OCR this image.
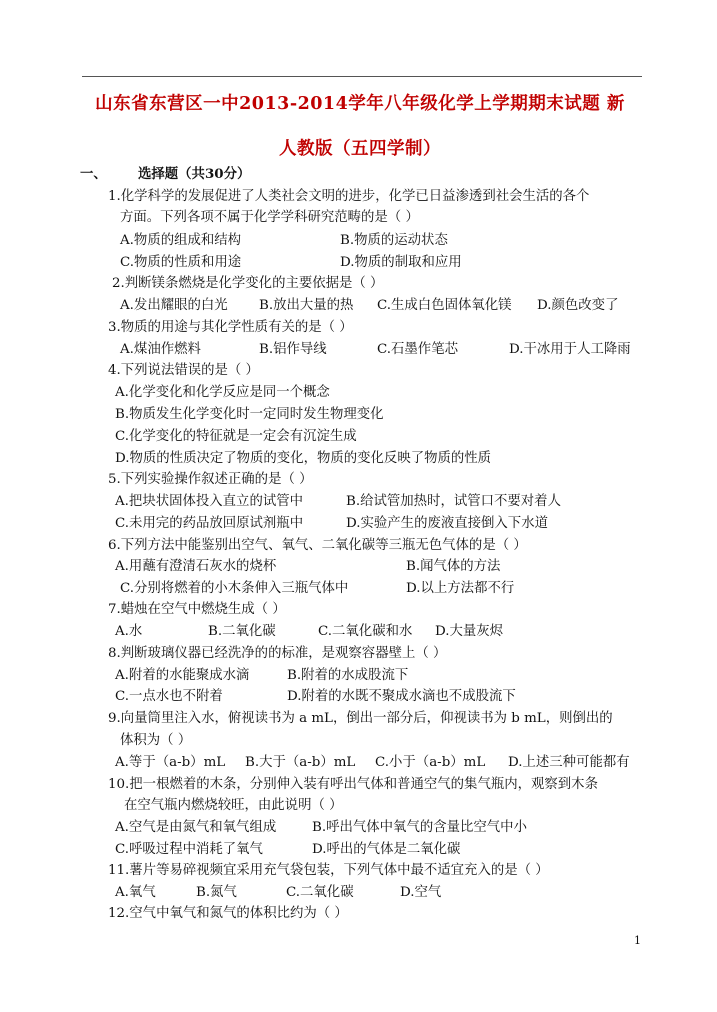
山东省东营区一中2013-2014学年八年级化学上学期期末试题 新
人教版（五四学制）
一、 选择题（共30分）
1.化学科学的发展促进了人类社会文明的进步，化学已日益渗透到社会生活的各个
方面。下列各项不属于化学学科研究范畴的是（ ）
A.物质的组成和结构	B.物质的运动状态
C.物质的性质和用途	D.物质的制取和应用
2.判断镁条燃烧是化学变化的主要依据是（ ）
A.发出耀眼的白光 B.放出大量的热 C.生成白色固体氧化镁 D.颜色改变了
3.物质的用途与其化学性质有关的是（ ）
A.煤油作燃料	B.铝作导线	C.石墨作笔芯	D.干冰用于人工降雨
4.下列说法错误的是（ ）
A.化学变化和化学反应是同一个概念
B.物质发生化学变化时一定同时发生物理变化
C.化学变化的特征就是一定会有沉淀生成
D.物质的性质决定了物质的变化，物质的变化反映了物质的性质
5.下列实验操作叙述正确的是（ ）
A.把块状固体投入直立的试管中	B.给试管加热时，试管口不要对着人
C.未用完的药品放回原试剂瓶中	D.实验产生的废液直接倒入下水道
6.下列方法中能鉴别出空气、氧气、二氧化碳等三瓶无色气体的是（ ）
A.用蘸有澄清石灰水的烧杯	B.闻气体的方法
C.分别将燃着的小木条伸入三瓶气体中	D.以上方法都不行
7.蜡烛在空气中燃烧生成（ ）
A.水	B.二氧化碳	C.二氧化碳和水 D.大量灰烬
8.判断玻璃仪器已经洗净的的标准，是观察容器壁上（ ）
A.附着的水能聚成水滴	B.附着的水成股流下
C.一点水也不附着	D.附着的水既不聚成水滴也不成股流下
9.向量筒里注入水，俯视读书为 a mL，倒出一部分后，仰视读书为 b mL，则倒出的
体积为（ ）
A.等于（a-b）mL B.大于（a-b）mL C.小于（a-b）mL D.上述三种可能都有
10.把一根燃着的木条，分别伸入装有呼出气体和普通空气的集气瓶内，观察到木条
在空气瓶内燃烧较旺，由此说明（ ）
A.空气是由氮气和氧气组成	B.呼出气体中氧气的含量比空气中小
C.呼吸过程中消耗了氧气	D.呼出的气体是二氧化碳
11.薯片等易碎视频宜采用充气袋包装，下列气体中最不适宜充入的是（ ）
A.氧气	B.氮气	C.二氧化碳	D.空气
12.空气中氧气和氮气的体积比约为（ ）
1
